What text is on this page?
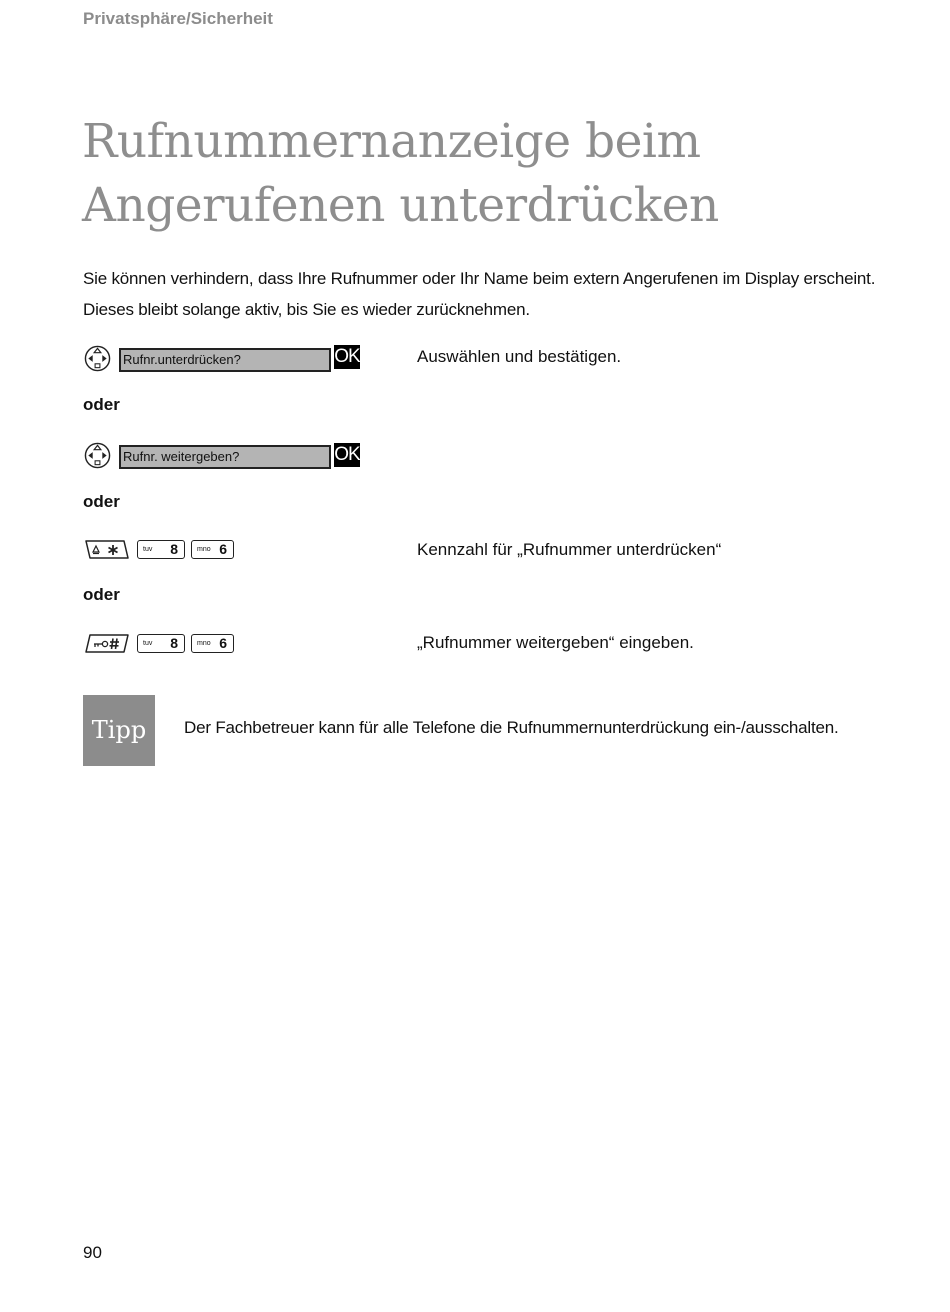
Privatsphäre/Sicherheit
Rufnummernanzeige beim Angerufenen unterdrücken
Sie können verhindern, dass Ihre Rufnummer oder Ihr Name beim extern Angerufenen im Display erscheint. Dieses bleibt solange aktiv, bis Sie es wieder zurücknehmen.
Rufnr.unterdrücken?	OK	Auswählen und bestätigen.
oder
Rufnr. weitergeben?	OK
oder
tuv 8	mno 6	Kennzahl für „Rufnummer unterdrücken“
oder
tuv 8	mno 6	„Rufnummer weitergeben“ eingeben.
Tipp	Der Fachbetreuer kann für alle Telefone die Rufnummernunterdrückung ein-/ausschalten.
90
